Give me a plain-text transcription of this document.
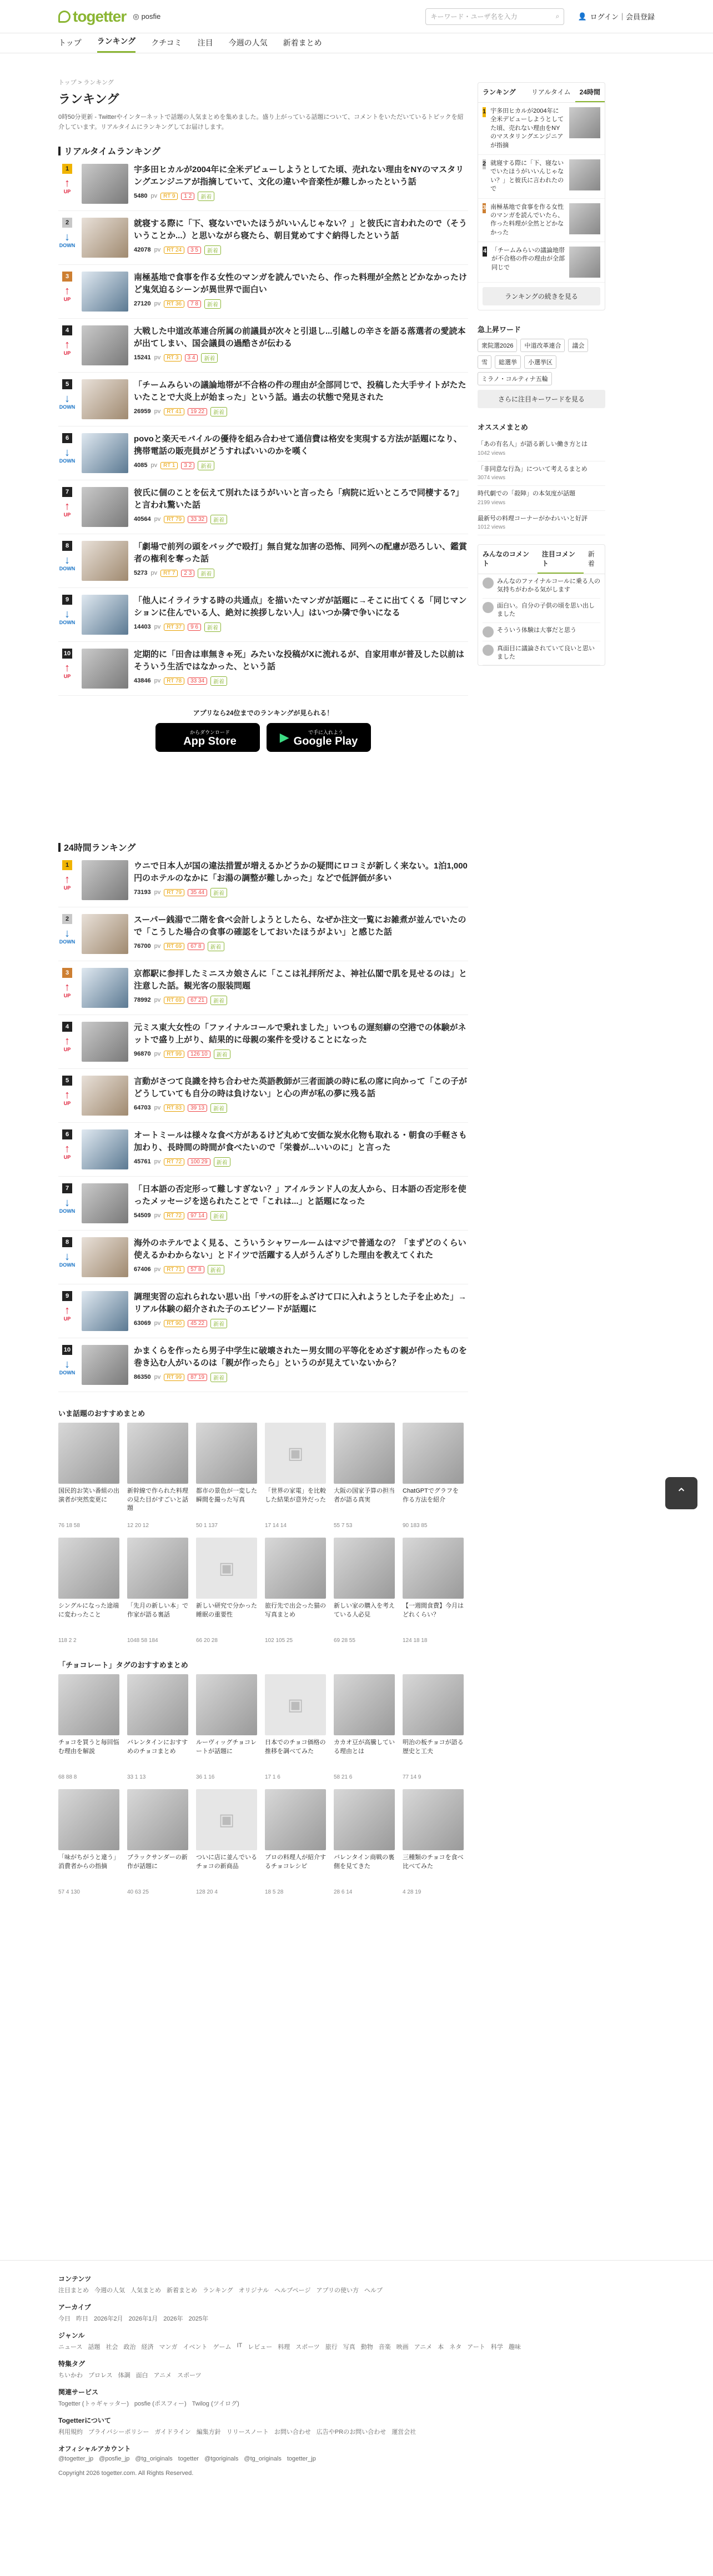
togetter ◎ posfie	キーワード・ユーザ名を入力	⌕	👤 ログイン｜会員登録
トップ ランキング クチコミ 注目 今週の人気 新着まとめ
トップ > ランキング
ランキング
0時50分更新 - Twitterやインターネットで話題の人気まとめを集めました。盛り上がっている話題について、コメントをいただいているトピックを紹介しています。リアルタイムにランキングしてお届けします。
リアルタイムランキング
1
↑
UP
宇多田ヒカルが2004年に全米デビューしようとしてた頃、売れない理由をNYのマスタリングエンジニアが指摘していて、文化の違いや音楽性が難しかったという話
5480 pv	RT 9	1 2	新着
2
↓
DOWN
就寝する際に「下、寝ないでいたほうがいいんじゃない？」と彼氏に言われたので（そういうことか...）と思いながら寝たら、朝目覚めてすぐ納得したという話
42078 pv	RT 24	3 5	新着
3
↑
UP
南極基地で食事を作る女性のマンガを読んでいたら、作った料理が全然とどかなかったけど鬼気迫るシーンが異世界で面白い
27120 pv	RT 36	7 8	新着
4
↑
UP
大戦した中道改革連合所属の前議員が次々と引退し...引越しの辛さを語る落選者の愛読本が出てしまい、国会議員の過酷さが伝わる
15241 pv	RT 3	3 4	新着
5
↓
DOWN
「チームみらいの議論地帯が不合格の件の理由が全部同じで、投稿した大手サイトがたたいたことで大炎上が始まった」という話。過去の状態で発見された
26959 pv	RT 41	19 22	新着
6
↓
DOWN
povoと楽天モバイルの優待を組み合わせて通信費は格安を実現する方法が話題になり、携帯電話の販売員がどうすればいいのかを嘆く
4085 pv	RT 1	3 2	新着
7
↑
UP
彼氏に個のことを伝えて別れたほうがいいと言ったら「病院に近いところで同棲する?」と言われ驚いた話
40564 pv	RT 79	33 32	新着
8
↓
DOWN
「劇場で前列の頭をバッグで殴打」無自覚な加害の恐怖、同列への配慮が恐ろしい、鑑賞者の権利を奪った話
5273 pv	RT 7	2 3	新着
9
↓
DOWN
「他人にイライラする時の共通点」を描いたマンガが話題に→そこに出てくる「同じマンションに住んでいる人、絶対に挨拶しない人」はいつか隣で争いになる
14403 pv	RT 37	9 6	新着
10
↑
UP
定期的に「田舎は車無きゃ死」みたいな投稿がXに流れるが、自家用車が普及した以前はそういう生活ではなかった、という話
43846 pv	RT 78	33 34	新着
アプリなら24位までのランキングが見られる！
からダウンロード
App Store	▶	で手に入れよう
Google Play
24時間ランキング
1
↑
UP
ウニで日本人が国の違法措置が増えるかどうかの疑問にロコミが新しく来ない。1泊1,000円のホテルのなかに「お湯の調整が難しかった」などで低評価が多い
73193 pv	RT 79	35 44	新着
2
↓
DOWN
スーパー銭湯で二階を食べ会計しようとしたら、なぜか注文一覧にお雑煮が並んでいたので「こうした場合の食事の確認をしておいたほうがよい」と感じた話
76700 pv	RT 69	67 8	新着
3
↑
UP
京都駅に参拝したミニスカ娘さんに「ここは礼拝所だよ、神社仏閣で肌を見せるのは」と注意した話。観光客の服装問題
78992 pv	RT 69	67 21	新着
4
↑
UP
元ミス東大女性の「ファイナルコールで乗れました」いつもの遅刻癖の空港での体験がネットで盛り上がり、結果的に母親の案件を受けることになった
96870 pv	RT 99	126 10	新着
5
↑
UP
言動がさつて良識を持ち合わせた英語教師が三者面談の時に私の席に向かって「この子がどうしていても自分の時は負けない」と心の声が私の夢に残る話
64703 pv	RT 83	39 13	新着
6
↑
UP
オートミールは様々な食べ方があるけど丸めて安価な炭水化物も取れる・朝食の手軽さも加わり、長時間の時間が食べたいので「栄養が...いいのに」と言った
45761 pv	RT 72	100 29	新着
7
↓
DOWN
「日本語の否定形って難しすぎない？」アイルランド人の友人から、日本語の否定形を使ったメッセージを送られたことで「これは...」と話題になった
54509 pv	RT 72	97 14	新着
8
↓
DOWN
海外のホテルでよく見る、こういうシャワールームはマジで普通なの？「まずどのくらい使えるかわからない」とドイツで活躍する人がうんざりした理由を教えてくれた
67406 pv	RT 71	57 8	新着
9
↑
UP
調理実習の忘れられない思い出「サバの肝をふざけて口に入れようとした子を止めた」→リアル体験の紹介された子のエピソードが話題に
63069 pv	RT 90	45 22	新着
10
↓
DOWN
かまくらを作ったら男子中学生に破壊されたー男女間の平等化をめざす親が作ったものを巻き込む人がいるのは「親が作ったら」というのが見えていないから？
86350 pv	RT 99	87 19	新着
いま話題のおすすめまとめ
国民的お笑い番組の出演者が突然変更に
76 18 58
新幹線で作られた料理の見た目がすごいと話題
12 20 12
都市の景色が一変した瞬間を撮った写真
50 1 137
▣
「世界の家電」を比較した結果が意外だった
17 14 14
大阪の国家予算の担当者が語る真実
55 7 53
ChatGPTでグラフを作る方法を紹介
90 183 85
シングルになった途端に変わったこと
118 2 2
「先月の新しい本」で作家が語る裏話
1048 58 184
▣
新しい研究で分かった睡眠の重要性
66 20 28
旅行先で出会った猫の写真まとめ
102 105 25
新しい家の購入を考えている人必見
69 28 55
【一週間食費】今月はどれくらい？
124 18 18
「チョコレート」タグのおすすめまとめ
チョコを買うと毎回悩む理由を解説
68 88 8
バレンタインにおすすめのチョコまとめ
33 1 13
ルーヴィッグチョコレートが話題に
36 1 16
▣
日本でのチョコ価格の推移を調べてみた
17 1 6
カカオ豆が高騰している理由とは
58 21 6
明治の板チョコが語る歴史と工夫
77 14 9
「味がちがうと違う」消費者からの指摘
57 4 130
ブラックサンダーの新作が話題に
40 63 25
▣
ついに店に並んでいるチョコの新商品
128 20 4
プロの料理人が紹介するチョコレシピ
18 5 28
バレンタイン商戦の裏側を見てきた
28 6 14
三種類のチョコを食べ比べてみた
4 28 19
ランキング	リアルタイム	24時間
1 宇多田ヒカルが2004年に全米デビューしようとしてた頃、売れない理由をNYのマスタリングエンジニアが指摘
2 就寝する際に「下、寝ないでいたほうがいいんじゃない？」と彼氏に言われたので
3 南極基地で食事を作る女性のマンガを読んでいたら、作った料理が全然とどかなかった
4 「チームみらいの議論地帯が不合格の件の理由が全部同じで
ランキングの続きを見る
急上昇ワード
衆院選2026	中道改革連合	議会
雪	総選挙	小選挙区
ミラノ・コルティナ五輪
さらに注目キーワードを見る
オススメまとめ
「あの有名人」が語る新しい働き方とは
1042 views
「非同意な行為」について考えるまとめ
3074 views
時代劇での「殺陣」の本気度が話題
2199 views
最新号の料理コーナーがかわいいと好評
1012 views
みんなのコメント
注目コメント
新着
みんなのファイナルコールに乗る人の気持ちがわかる気がします
面白い。自分の子供の頃を思い出しました
そういう体験は大事だと思う
真面目に議論されていて良いと思いました
⌃
コンテンツ
注目まとめ 今週の人気 人気まとめ 新着まとめ ランキング オリジナル ヘルプページ アプリの使い方 ヘルプ
アーカイブ
今日 昨日 2026年2月 2026年1月 2026年 2025年
ジャンル
ニュース 話題 社会 政治 経済 マンガ イベント ゲーム IT レビュー 料理 スポーツ 旅行 写真 動物 音楽 映画 アニメ 本 ネタ アート 科学 趣味
特集タグ
ちいかわ プロレス 体調 面白 アニメ スポーツ
関連サービス
Togetter (トゥギャッター) posfie (ポスフィー) Twilog (ツイログ)
Togetterについて
利用規約 プライバシーポリシー ガイドライン 編集方針 リリースノート お問い合わせ 広告やPRのお問い合わせ 運営会社
オフィシャルアカウント
@togetter_jp @posfie_jp @tg_originals togetter @tgoriginals @tg_originals togetter_jp
Copyright 2026 togetter.com. All Rights Reserved.
